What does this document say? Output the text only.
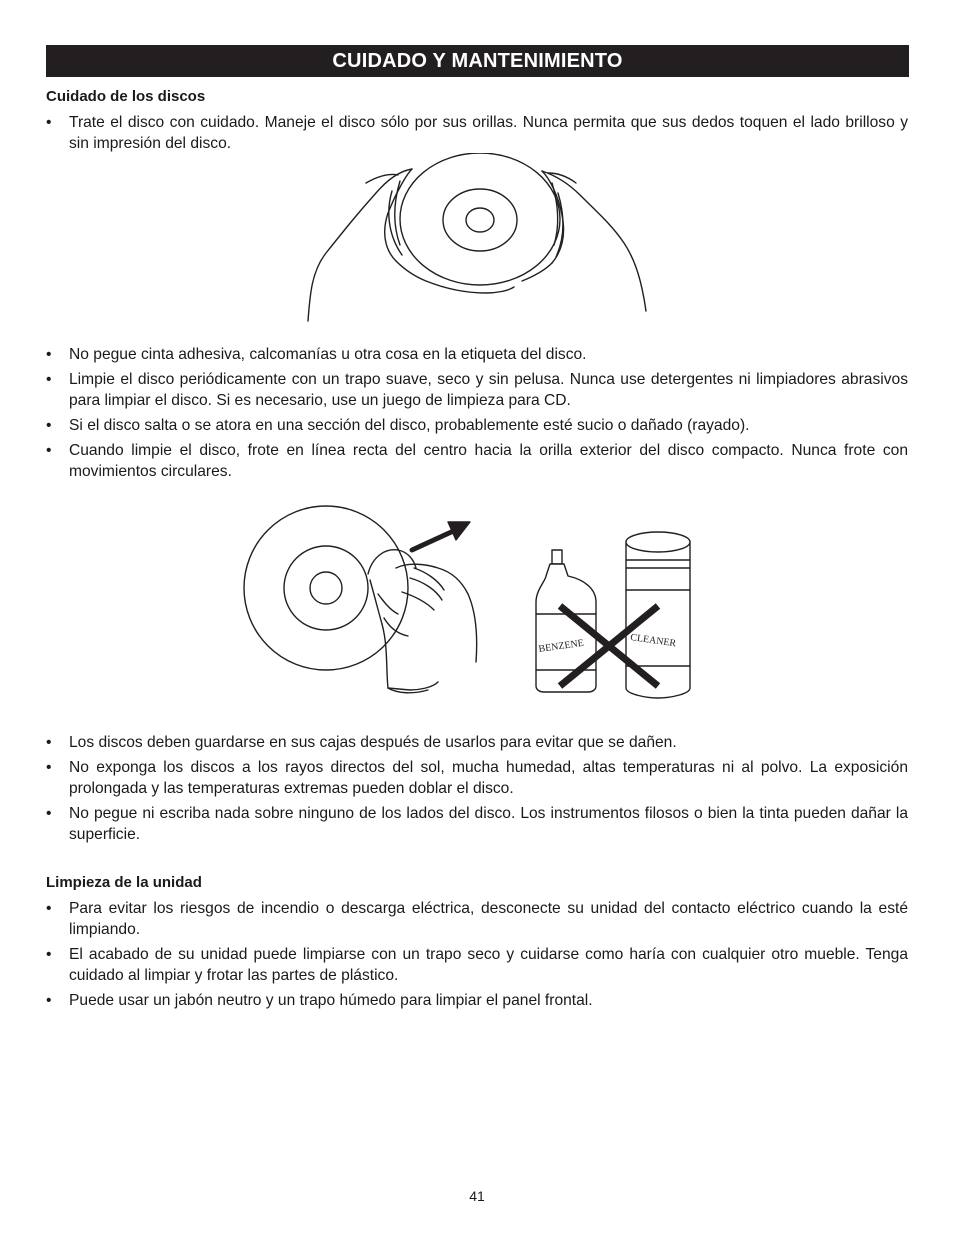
CUIDADO Y MANTENIMIENTO
Cuidado de los discos
• Trate el disco con cuidado. Maneje el disco sólo por sus orillas. Nunca permita que sus dedos toquen el lado brilloso y sin impresión del disco.
• No pegue cinta adhesiva, calcomanías u otra cosa en la etiqueta del disco.
• Limpie el disco periódicamente con un trapo suave, seco y sin pelusa. Nunca use detergentes ni limpiadores abrasivos para limpiar el disco. Si es necesario, use un juego de limpieza para CD.
• Si el disco salta o se atora en una sección del disco, probablemente esté sucio o dañado (rayado).
• Cuando limpie el disco, frote en línea recta del centro hacia la orilla exterior del disco compacto. Nunca frote con movimientos circulares.
BENZENE	CLEANER
• Los discos deben guardarse en sus cajas después de usarlos para evitar que se dañen.
• No exponga los discos a los rayos directos del sol, mucha humedad, altas temperaturas ni al polvo. La exposición prolongada y las temperaturas extremas pueden doblar el disco.
• No pegue ni escriba nada sobre ninguno de los lados del disco. Los instrumentos filosos o bien la tinta pueden dañar la superficie.
Limpieza de la unidad
• Para evitar los riesgos de incendio o descarga eléctrica, desconecte su unidad del contacto eléctrico cuando la esté limpiando.
• El acabado de su unidad puede limpiarse con un trapo seco y cuidarse como haría con cualquier otro mueble. Tenga cuidado al limpiar y frotar las partes de plástico.
• Puede usar un jabón neutro y un trapo húmedo para limpiar el panel frontal.
41
